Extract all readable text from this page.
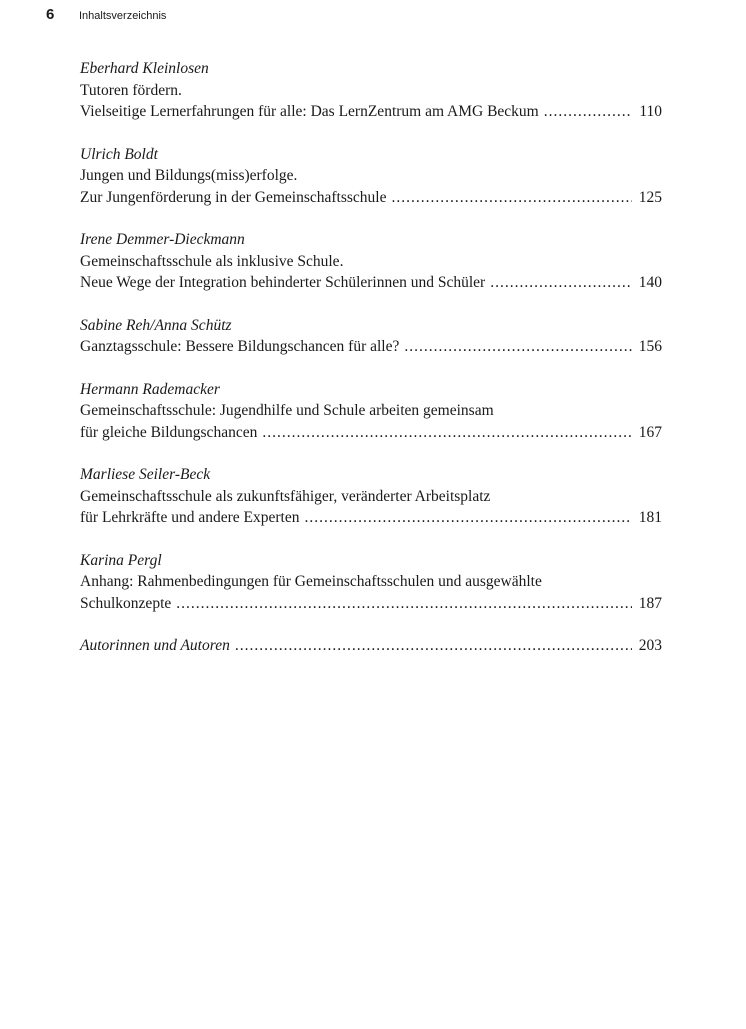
6	Inhaltsverzeichnis
Eberhard Kleinlosen
Tutoren fördern.
Vielseitige Lernerfahrungen für alle: Das LernZentrum am AMG Beckum .....	110
Ulrich Boldt
Jungen und Bildungs(miss)erfolge.
Zur Jungenförderung in der Gemeinschaftsschule .....	125
Irene Demmer-Dieckmann
Gemeinschaftsschule als inklusive Schule.
Neue Wege der Integration behinderter Schülerinnen und Schüler .....	140
Sabine Reh/Anna Schütz
Ganztagsschule: Bessere Bildungschancen für alle? .....	156
Hermann Rademacker
Gemeinschaftsschule: Jugendhilfe und Schule arbeiten gemeinsam
für gleiche Bildungschancen .....	167
Marliese Seiler-Beck
Gemeinschaftsschule als zukunftsfähiger, veränderter Arbeitsplatz
für Lehrkräfte und andere Experten .....	181
Karina Pergl
Anhang: Rahmenbedingungen für Gemeinschaftsschulen und ausgewählte
Schulkonzepte .....	187
Autorinnen und Autoren .....	203
